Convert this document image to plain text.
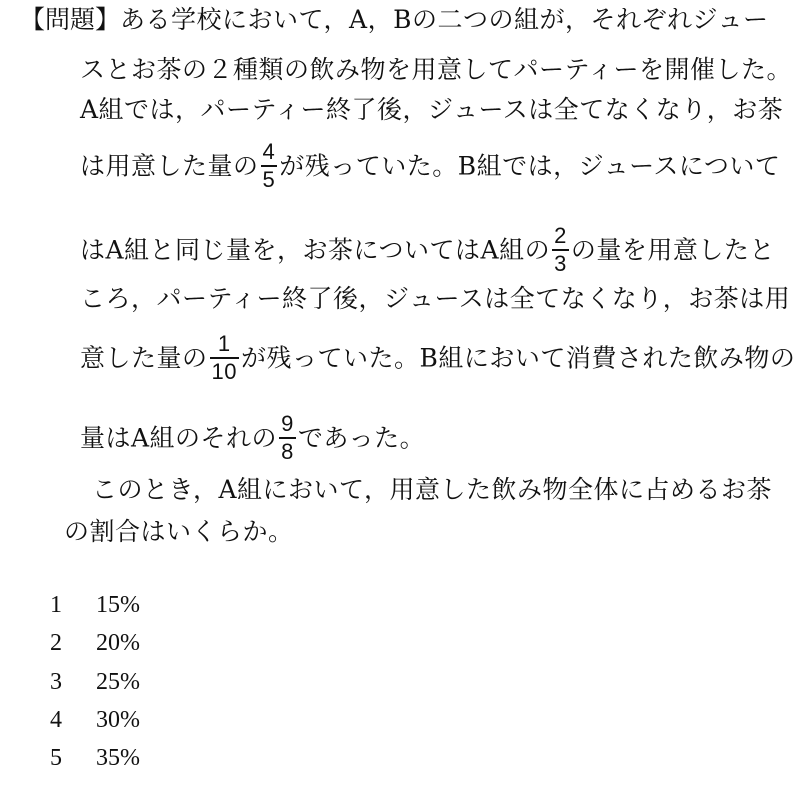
【問題】ある学校において，A，Bの二つの組が，それぞれジュー
スとお茶の２種類の飲み物を用意してパーティーを開催した。
A組では，パーティー終了後，ジュースは全てなくなり，お茶
は用意した量の $\frac{4}{5}$ が残っていた。B組では，ジュースについて
はA組と同じ量を，お茶についてはA組の $\frac{2}{3}$ の量を用意したと
ころ，パーティー終了後，ジュースは全てなくなり，お茶は用
意した量の $\frac{1}{10}$ が残っていた。B組において消費された飲み物の
量はA組のそれの $\frac{9}{8}$ であった。
このとき，A組において，用意した飲み物全体に占めるお茶
の割合はいくらか。
1 15%
2 20%
3 25%
4 30%
5 35%
